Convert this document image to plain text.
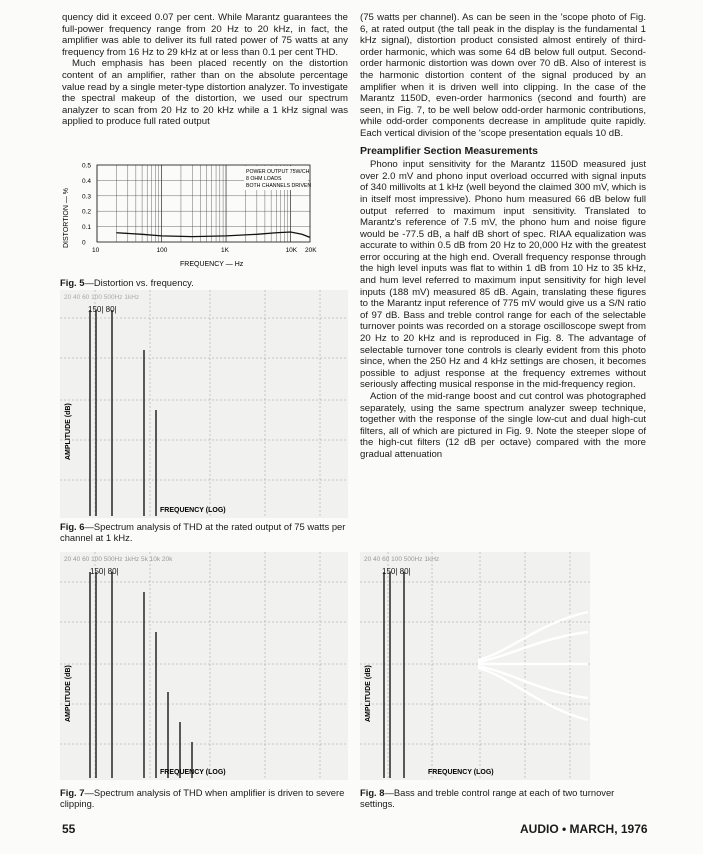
quency did it exceed 0.07 per cent. While Marantz guarantees the full-power frequency range from 20 Hz to 20 kHz, in fact, the amplifier was able to deliver its full rated power of 75 watts at any frequency from 16 Hz to 29 kHz at or less than 0.1 per cent THD.

Much emphasis has been placed recently on the distortion content of an amplifier, rather than on the absolute percentage value read by a single meter-type distortion analyzer. To investigate the spectral makeup of the distortion, we used our spectrum analyzer to scan from 20 Hz to 20 kHz while a 1 kHz signal was applied to produce full rated output

DISTORTION — %
0.5
0.4
0.3
0.2
0.1
0
10	100	1K	10K 20K
FREQUENCY — Hz
POWER OUTPUT 75W/CH
8 OHM LOADS
BOTH CHANNELS DRIVEN
Fig. 5—Distortion vs. frequency.
20 40 60 100 500Hz 1kHz
150| 80|
AMPLITUDE (dB)
FREQUENCY (LOG)
Fig. 6—Spectrum analysis of THD at the rated output of 75 watts per channel at 1 kHz.

(75 watts per channel). As can be seen in the 'scope photo of Fig. 6, at rated output (the tall peak in the display is the fundamental 1 kHz signal), distortion product consisted almost entirely of third-order harmonic, which was some 64 dB below full output. Second-order harmonic distortion was down over 70 dB. Also of interest is the harmonic distortion content of the signal produced by an amplifier when it is driven well into clipping. In the case of the Marantz 1150D, even-order harmonics (second and fourth) are seen, in Fig. 7, to be well below odd-order harmonic contributions, while odd-order components decrease in amplitude quite rapidly. Each vertical division of the 'scope presentation equals 10 dB.

Preamplifier Section Measurements

Phono input sensitivity for the Marantz 1150D measured just over 2.0 mV and phono input overload occurred with signal inputs of 340 millivolts at 1 kHz (well beyond the claimed 300 mV, which is in itself most impressive). Phono hum measured 66 dB below full output referred to maximum input sensitivity. Translated to Marantz's reference of 7.5 mV, the phono hum and noise figure would be -77.5 dB, a half dB short of spec. RIAA equalization was accurate to within 0.5 dB from 20 Hz to 20,000 Hz with the greatest error occuring at the high end. Overall frequency response through the high level inputs was flat to within 1 dB from 10 Hz to 35 kHz, and hum level referred to maximum input sensitivity for high level inputs (188 mV) measured 85 dB. Again, translating these figures to the Marantz input reference of 775 mV would give us a S/N ratio of 97 dB. Bass and treble control range for each of the selectable turnover points was recorded on a storage oscilloscope swept from 20 Hz to 20 kHz and is reproduced in Fig. 8. The advantage of selectable turnover tone controls is clearly evident from this photo since, when the 250 Hz and 4 kHz settings are chosen, it becomes possible to adjust response at the frequency extremes without seriously affecting musical response in the mid-frequency region.

Action of the mid-range boost and cut control was photographed separately, using the same spectrum analyzer sweep technique, together with the response of the single low-cut and dual high-cut filters, all of which are pictured in Fig. 9. Note the steeper slope of the high-cut filters (12 dB per octave) compared with the more gradual attenuation

20 40 60 100 500Hz 1kHz 5k 10k 20k
150| 80|
AMPLITUDE (dB)
FREQUENCY (LOG)
Fig. 7—Spectrum analysis of THD when amplifier is driven to severe clipping.
20 40 60 100 500Hz 1kHz
150| 80|
AMPLITUDE (dB)
FREQUENCY (LOG)
Fig. 8—Bass and treble control range at each of two turnover settings.
55	AUDIO • MARCH, 1976
